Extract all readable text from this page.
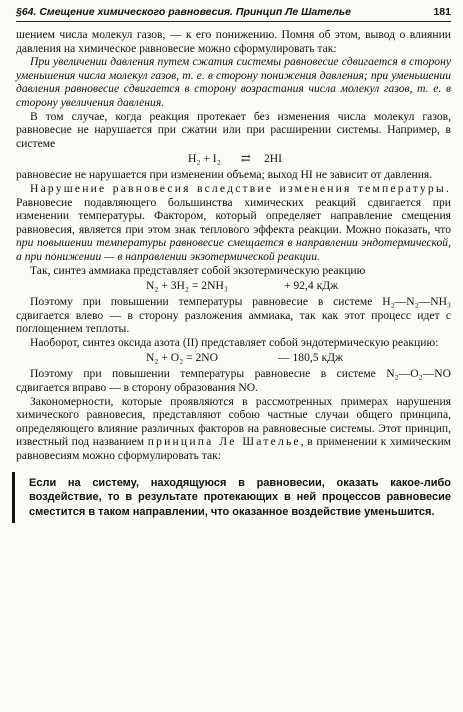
§64. Смещение химического равновесия. Принцип Ле Шателье	181

шением числа молекул газов, — к его понижению. Помня об этом, вывод о влиянии давления на химическое равновесие можно сформулировать так:

При увеличении давления путем сжатия системы равновесие сдвигается в сторону уменьшения числа молекул газов, т. е. в сторону понижения давления; при уменьшении давления равновесие сдвигается в сторону возрастания числа молекул газов, т. е. в сторону увеличения давления.

В том случае, когда реакция протекает без изменения числа молекул газов, равновесие не нарушается при сжатии или при расширении системы. Например, в системе

H₂ + I₂ ⇄ 2HI

равновесие не нарушается при изменении объема; выход HI не зависит от давления.

Нарушение равновесия вследствие изменения температуры. Равновесие подавляющего большинства химических реакций сдвигается при изменении температуры. Фактором, который определяет направление смещения равновесия, является при этом знак теплового эффекта реакции. Можно показать, что при повышении температуры равновесие смещается в направлении эндотермической, а при понижении — в направлении экзотермической реакции.

Так, синтез аммиака представляет собой экзотермическую реакцию

N₂ + 3H₂ = 2NH₃	+ 92,4 кДж

Поэтому при повышении температуры равновесие в системе H₂—N₂—NH₃ сдвигается влево — в сторону разложения аммиака, так как этот процесс идет с поглощением теплоты.

Наоборот, синтез оксида азота (II) представляет собой эндотермическую реакцию:

N₂ + O₂ = 2NO	— 180,5 кДж

Поэтому при повышении температуры равновесие в системе N₂—O₂—NO сдвигается вправо — в сторону образования NO.

Закономерности, которые проявляются в рассмотренных примерах нарушения химического равновесия, представляют собою частные случаи общего принципа, определяющего влияние различных факторов на равновесные системы. Этот принцип, известный под названием принципа Ле Шателье, в применении к химическим равновесиям можно сформулировать так:

Если на систему, находящуюся в равновесии, оказать какое-либо воздействие, то в результате протекающих в ней процессов равновесие сместится в таком направлении, что оказанное воздействие уменьшится.
